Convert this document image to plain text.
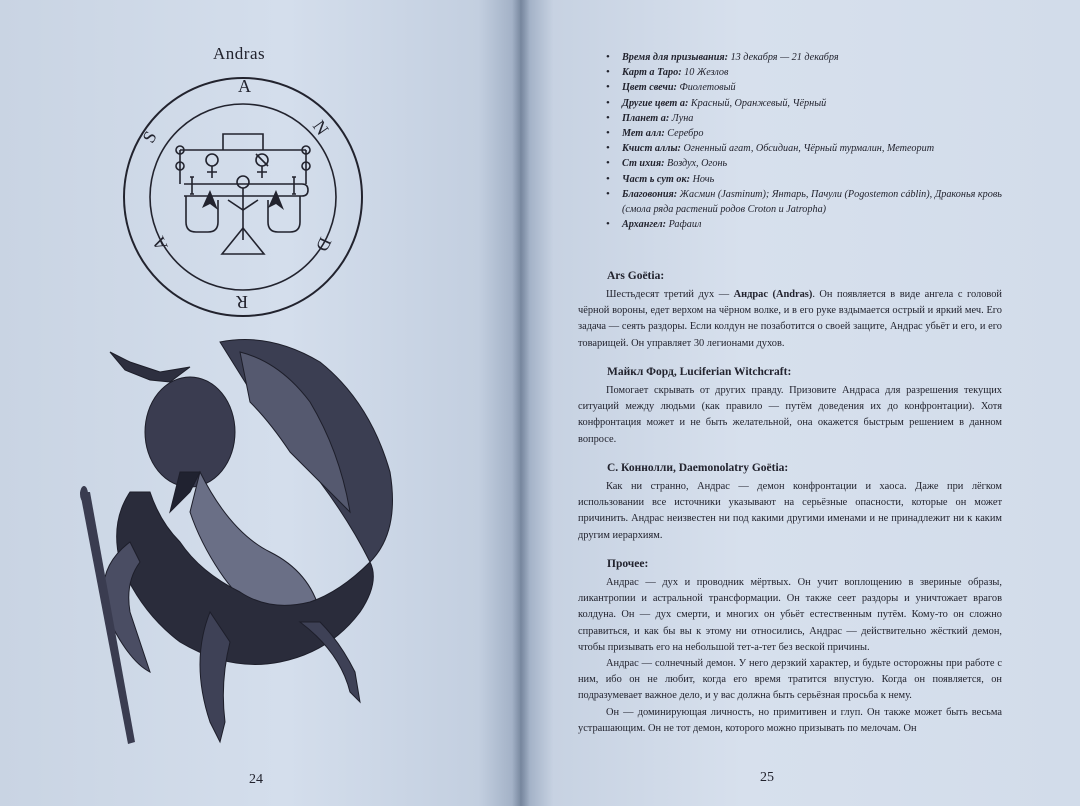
Andras
A
N
D
R
A
S
24
• Время для призывания: 13 декабря — 21 декабря
• Карт а Таро: 10 Жезлов
• Цвет свечи: Фиолетовый
• Другие цвет а: Красный, Оранжевый, Чёрный
• Планет а: Луна
• Мет алл: Серебро
• Кчист аллы: Огненный агат, Обсидиан, Чёрный турмалин, Метеорит
• Ст ихия: Воздух, Огонь
• Част ь сут ок: Ночь
• Благовония: Жасмин (Jasminum); Янтарь, Пачули (Pogostemon cáblin), Драконья кровь (смола ряда растений родов Croton и Jatropha)
• Архангел: Рафаил
Ars Goëtia:
Шестьдесят третий дух — Андрас (Andras). Он появляется в виде ангела с головой чёрной вороны, едет верхом на чёрном волке, и в его руке вздымается острый и яркий меч. Его задача — сеять раздоры. Если колдун не позаботится о своей защите, Андрас убьёт и его, и его товарищей. Он управляет 30 легионами духов.
Майкл Форд, Luciferian Witchcraft:
Помогает скрывать от других правду. Призовите Андраса для разрешения текущих ситуаций между людьми (как правило — путём доведения их до конфронтации). Хотя конфронтация может и не быть желательной, она окажется быстрым решением в данном вопросе.
С. Коннолли, Daemonolatry Goëtia:
Как ни странно, Андрас — демон конфронтации и хаоса. Даже при лёгком использовании все источники указывают на серьёзные опасности, которые он может причинить. Андрас неизвестен ни под какими другими именами и не принадлежит ни к каким другим иерархиям.
Прочее:
Андрас — дух и проводник мёртвых. Он учит воплощению в звериные образы, ликантропии и астральной трансформации. Он также сеет раздоры и уничтожает врагов колдуна. Он — дух смерти, и многих он убьёт естественным путём. Кому-то он сложно справиться, и как бы вы к этому ни относились, Андрас — действительно жёсткий демон, чтобы призывать его на небольшой тет-а-тет без веской причины.
Андрас — солнечный демон. У него дерзкий характер, и будьте осторожны при работе с ним, ибо он не любит, когда его время тратится впустую. Когда он появляется, он подразумевает важное дело, и у вас должна быть серьёзная просьба к нему.
Он — доминирующая личность, но примитивен и глуп. Он также может быть весьма устрашающим. Он не тот демон, которого можно призывать по мелочам. Он
25
